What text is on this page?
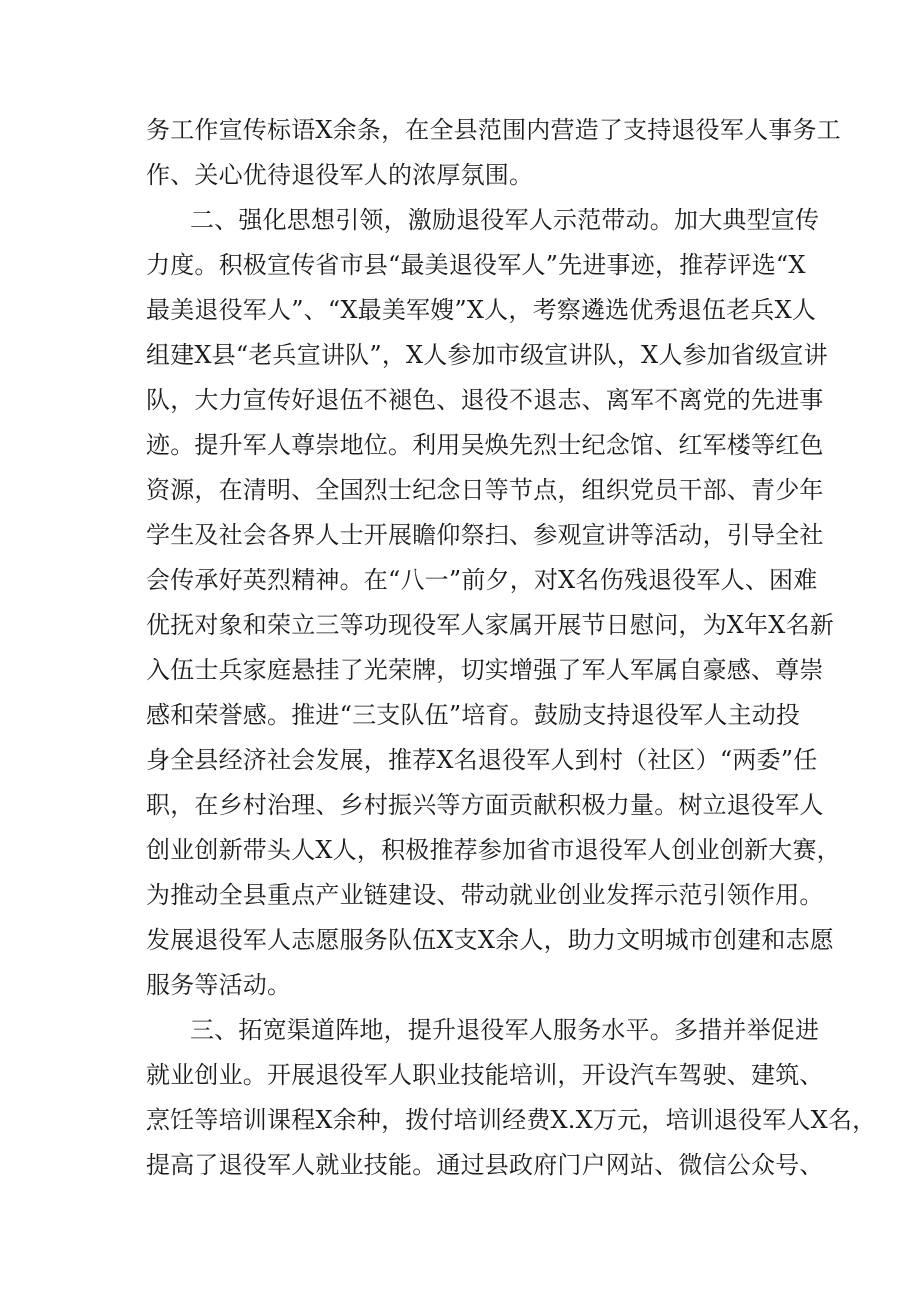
务工作宣传标语X余条，在全县范围内营造了支持退役军人事务工

作、关心优待退役军人的浓厚氛围。

二、强化思想引领，激励退役军人示范带动。加大典型宣传

力度。积极宣传省市县“最美退役军人”先进事迹，推荐评选“X

最美退役军人”、“X最美军嫂”X人，考察遴选优秀退伍老兵X人

组建X县“老兵宣讲队”，X人参加市级宣讲队，X人参加省级宣讲

队，大力宣传好退伍不褪色、退役不退志、离军不离党的先进事

迹。提升军人尊崇地位。利用吴焕先烈士纪念馆、红军楼等红色

资源，在清明、全国烈士纪念日等节点，组织党员干部、青少年

学生及社会各界人士开展瞻仰祭扫、参观宣讲等活动，引导全社

会传承好英烈精神。在“八一”前夕，对X名伤残退役军人、困难

优抚对象和荣立三等功现役军人家属开展节日慰问，为X年X名新

入伍士兵家庭悬挂了光荣牌，切实增强了军人军属自豪感、尊崇

感和荣誉感。推进“三支队伍”培育。鼓励支持退役军人主动投

身全县经济社会发展，推荐X名退役军人到村（社区）“两委”任

职，在乡村治理、乡村振兴等方面贡献积极力量。树立退役军人

创业创新带头人X人，积极推荐参加省市退役军人创业创新大赛，

为推动全县重点产业链建设、带动就业创业发挥示范引领作用。

发展退役军人志愿服务队伍X支X余人，助力文明城市创建和志愿

服务等活动。

三、拓宽渠道阵地，提升退役军人服务水平。多措并举促进

就业创业。开展退役军人职业技能培训，开设汽车驾驶、建筑、

烹饪等培训课程X余种，拨付培训经费X.X万元，培训退役军人X名，

提高了退役军人就业技能。通过县政府门户网站、微信公众号、
